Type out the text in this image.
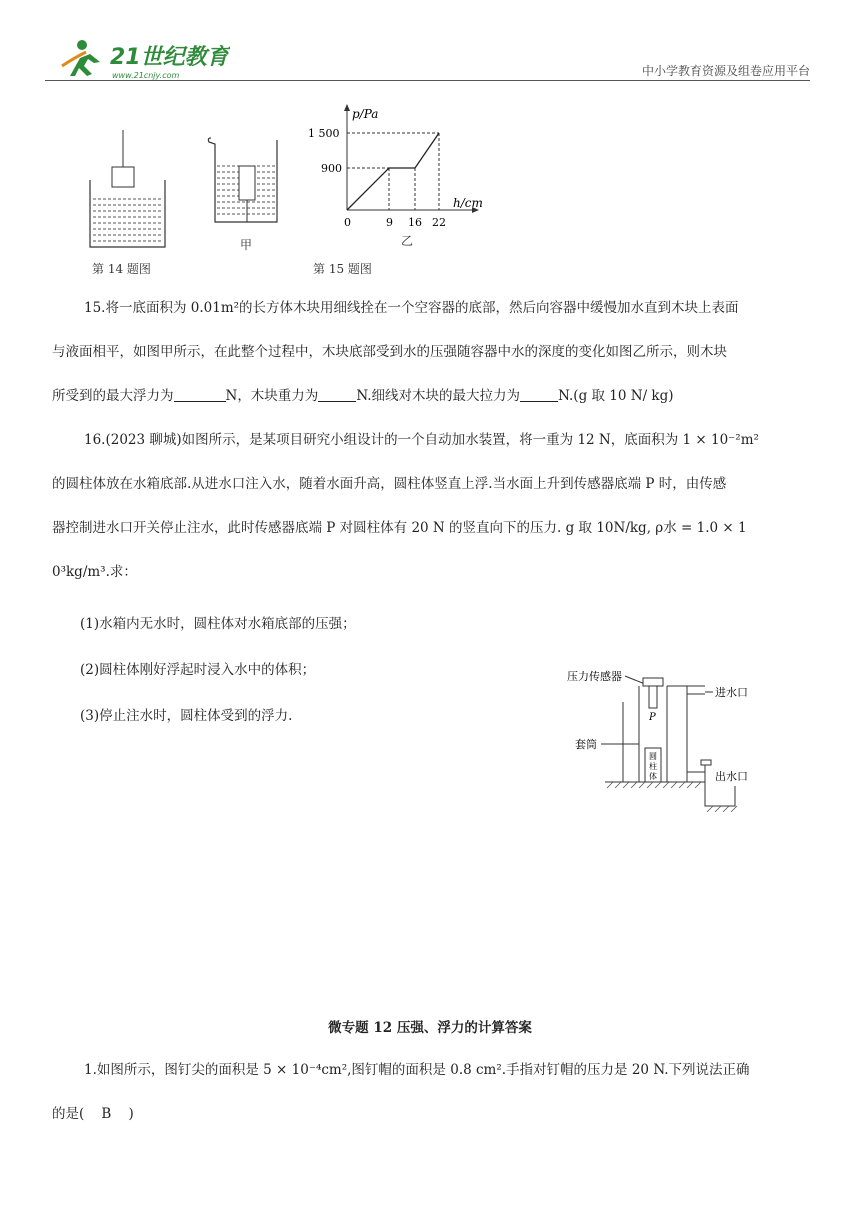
21世纪教育
www.21cnjy.com	中小学教育资源及组卷应用平台
第 14 题图
甲
p/Pa
h/cm
1 500
900
0	9 16 22
乙
第 15 题图
15.将一底面积为 0.01m²的长方体木块用细线拴在一个空容器的底部，然后向容器中缓慢加水直到木块上表面
与液面相平，如图甲所示，在此整个过程中，木块底部受到水的压强随容器中水的深度的变化如图乙所示，则木块
所受到的最大浮力为	N，木块重力为	N.细线对木块的最大拉力为	N.(g 取 10 N/ kg)
16.(2023 聊城)如图所示，是某项目研究小组设计的一个自动加水装置，将一重为 12 N，底面积为 1 × 10⁻²m²
的圆柱体放在水箱底部.从进水口注入水，随着水面升高，圆柱体竖直上浮.当水面上升到传感器底端 P 时，由传感
器控制进水口开关停止注水，此时传感器底端 P 对圆柱体有 20 N 的竖直向下的压力. g 取 10N/kg, ρ水 = 1.0 × 1
0³kg/m³.求：
(1)水箱内无水时，圆柱体对水箱底部的压强；
(2)圆柱体刚好浮起时浸入水中的体积；
(3)停止注水时，圆柱体受到的浮力.
压力传感器
P
套筒
圆柱体
进水口
出水口
微专题 12 压强、浮力的计算答案
1.如图所示，图钉尖的面积是 5 × 10⁻⁴cm²,图钉帽的面积是 0.8 cm².手指对钉帽的压力是 20 N.下列说法正确
的是(    B    )
